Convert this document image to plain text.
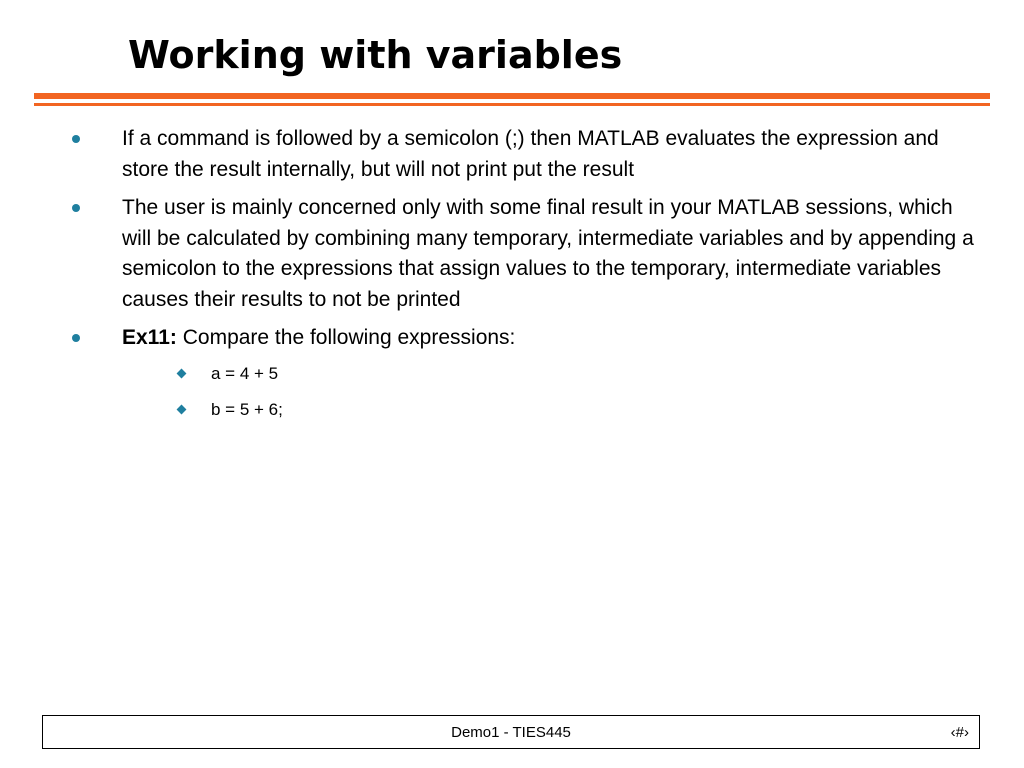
Working with variables
If a command is followed by a semicolon (;) then MATLAB evaluates the expression and store the result internally, but will not print put the result
The user is mainly concerned only with some final result in your MATLAB sessions, which will be calculated by combining many temporary, intermediate variables and by appending a semicolon to the expressions that assign values to the temporary, intermediate variables causes their results to not be printed
Ex11: Compare the following expressions:
a = 4 + 5
b = 5 + 6;
Demo1 - TIES445	‹#›
